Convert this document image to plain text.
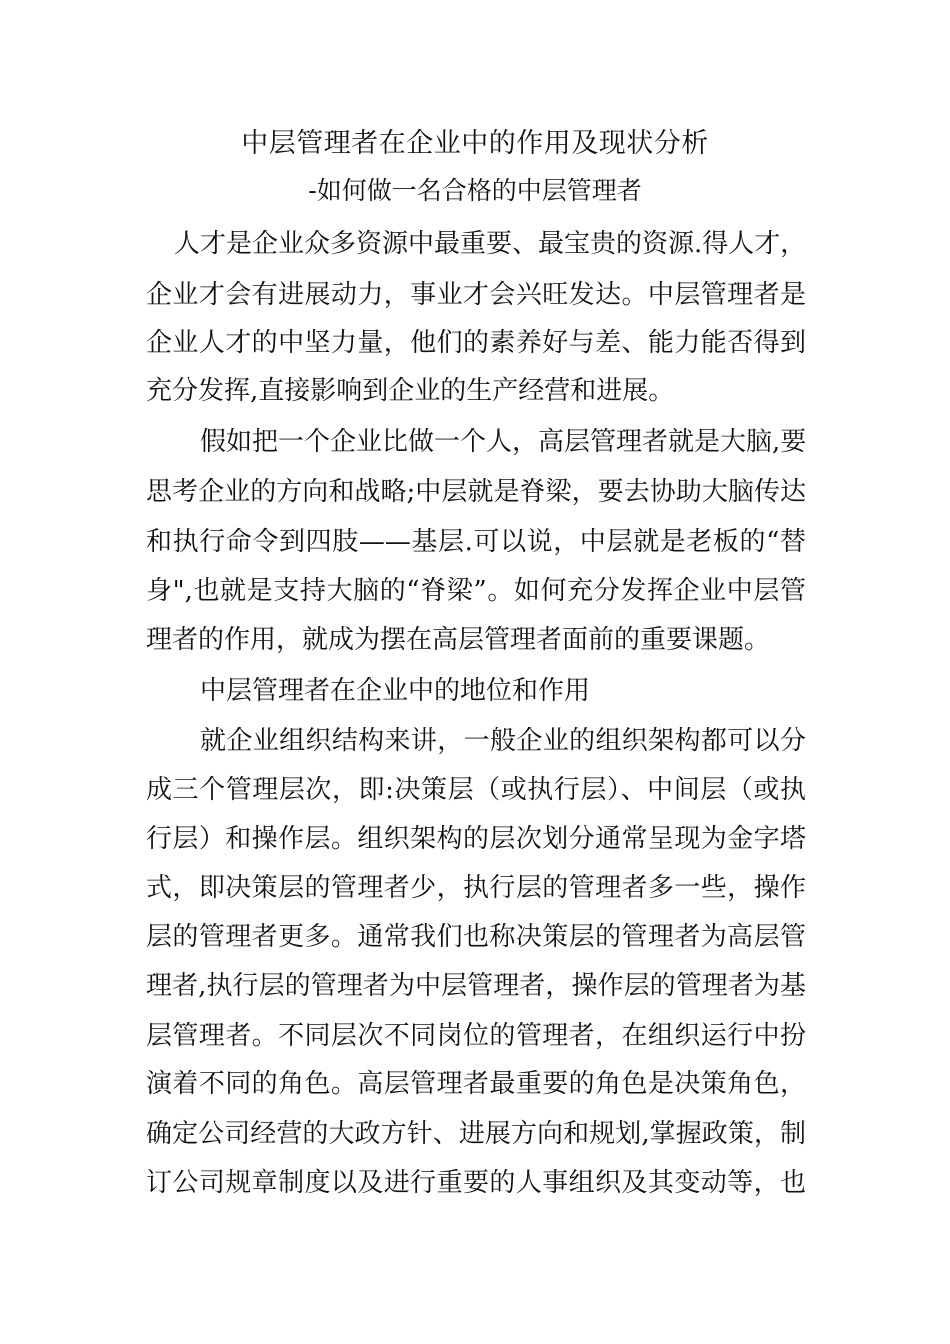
中层管理者在企业中的作用及现状分析
-如何做一名合格的中层管理者
人才是企业众多资源中最重要、最宝贵的资源.得人才，
企业才会有进展动力，事业才会兴旺发达。中层管理者是
企业人才的中坚力量，他们的素养好与差、能力能否得到
充分发挥,直接影响到企业的生产经营和进展。
假如把一个企业比做一个人，高层管理者就是大脑,要
思考企业的方向和战略;中层就是脊梁，要去协助大脑传达
和执行命令到四肢——基层.可以说，中层就是老板的“替
身",也就是支持大脑的“脊梁”。如何充分发挥企业中层管
理者的作用，就成为摆在高层管理者面前的重要课题。
中层管理者在企业中的地位和作用
就企业组织结构来讲，一般企业的组织架构都可以分
成三个管理层次，即:决策层（或执行层）、中间层（或执
行层）和操作层。组织架构的层次划分通常呈现为金字塔
式，即决策层的管理者少，执行层的管理者多一些，操作
层的管理者更多。通常我们也称决策层的管理者为高层管
理者,执行层的管理者为中层管理者，操作层的管理者为基
层管理者。不同层次不同岗位的管理者，在组织运行中扮
演着不同的角色。高层管理者最重要的角色是决策角色，
确定公司经营的大政方针、进展方向和规划,掌握政策，制
订公司规章制度以及进行重要的人事组织及其变动等，也
